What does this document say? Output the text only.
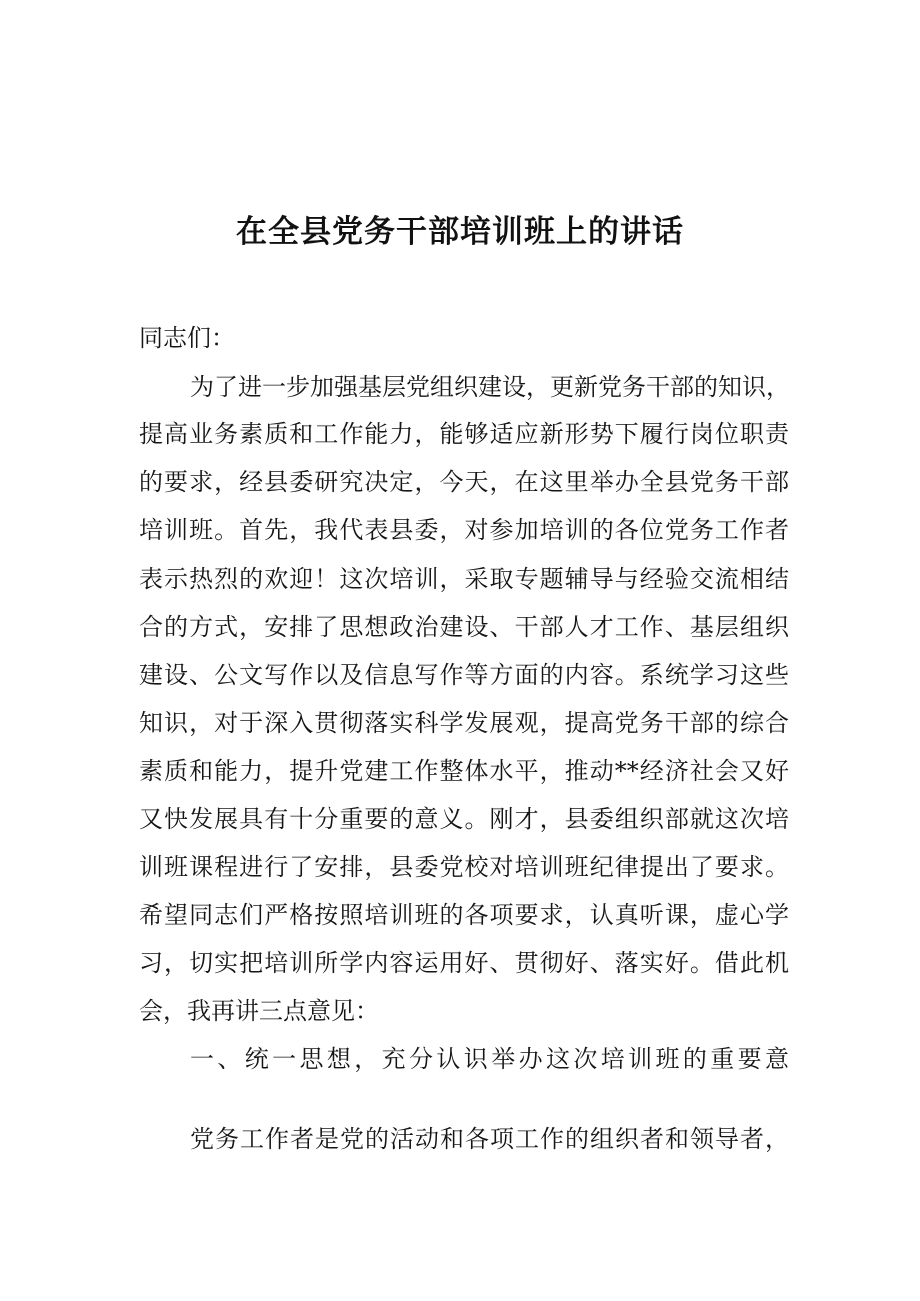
在全县党务干部培训班上的讲话
同志们：
为了进一步加强基层党组织建设，更新党务干部的知识，
提高业务素质和工作能力，能够适应新形势下履行岗位职责
的要求，经县委研究决定，今天，在这里举办全县党务干部
培训班。首先，我代表县委，对参加培训的各位党务工作者
表示热烈的欢迎！这次培训，采取专题辅导与经验交流相结
合的方式，安排了思想政治建设、干部人才工作、基层组织
建设、公文写作以及信息写作等方面的内容。系统学习这些
知识，对于深入贯彻落实科学发展观，提高党务干部的综合
素质和能力，提升党建工作整体水平，推动**经济社会又好
又快发展具有十分重要的意义。刚才，县委组织部就这次培
训班课程进行了安排，县委党校对培训班纪律提出了要求。
希望同志们严格按照培训班的各项要求，认真听课，虚心学
习，切实把培训所学内容运用好、贯彻好、落实好。借此机
会，我再讲三点意见：
一、统一思想，充分认识举办这次培训班的重要意
党务工作者是党的活动和各项工作的组织者和领导者，
